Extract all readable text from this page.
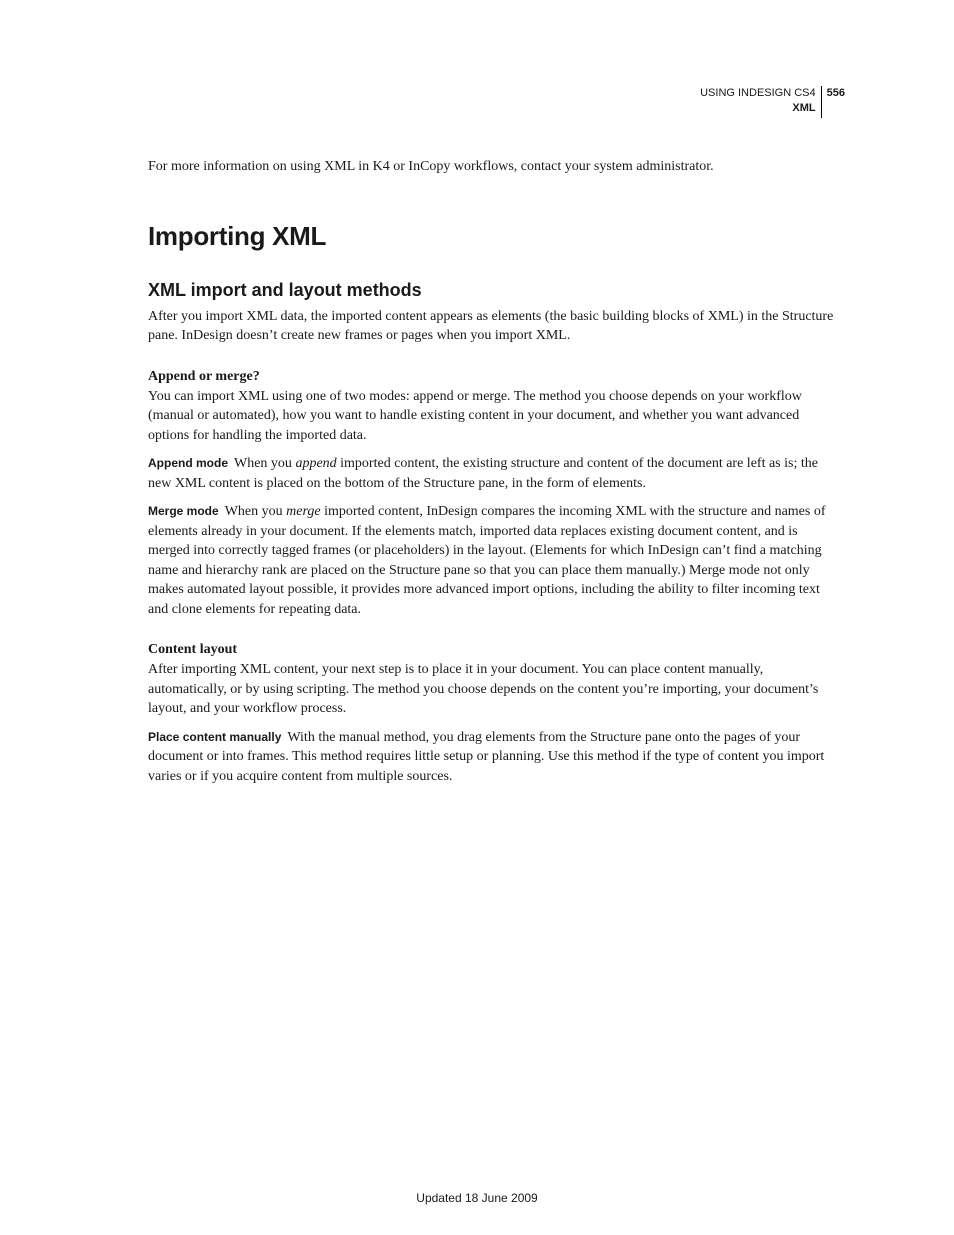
USING INDESIGN CS4
XML
556

For more information on using XML in K4 or InCopy workflows, contact your system administrator.

Importing XML
XML import and layout methods

After you import XML data, the imported content appears as elements (the basic building blocks of XML) in the Structure pane. InDesign doesn’t create new frames or pages when you import XML.

Append or merge?

You can import XML using one of two modes: append or merge. The method you choose depends on your workflow (manual or automated), how you want to handle existing content in your document, and whether you want advanced options for handling the imported data.

Append mode When you append imported content, the existing structure and content of the document are left as is; the new XML content is placed on the bottom of the Structure pane, in the form of elements.

Merge mode When you merge imported content, InDesign compares the incoming XML with the structure and names of elements already in your document. If the elements match, imported data replaces existing document content, and is merged into correctly tagged frames (or placeholders) in the layout. (Elements for which InDesign can’t find a matching name and hierarchy rank are placed on the Structure pane so that you can place them manually.) Merge mode not only makes automated layout possible, it provides more advanced import options, including the ability to filter incoming text and clone elements for repeating data.

Content layout

After importing XML content, your next step is to place it in your document. You can place content manually, automatically, or by using scripting. The method you choose depends on the content you’re importing, your document’s layout, and your workflow process.

Place content manually With the manual method, you drag elements from the Structure pane onto the pages of your document or into frames. This method requires little setup or planning. Use this method if the type of content you import varies or if you acquire content from multiple sources.

Updated 18 June 2009
